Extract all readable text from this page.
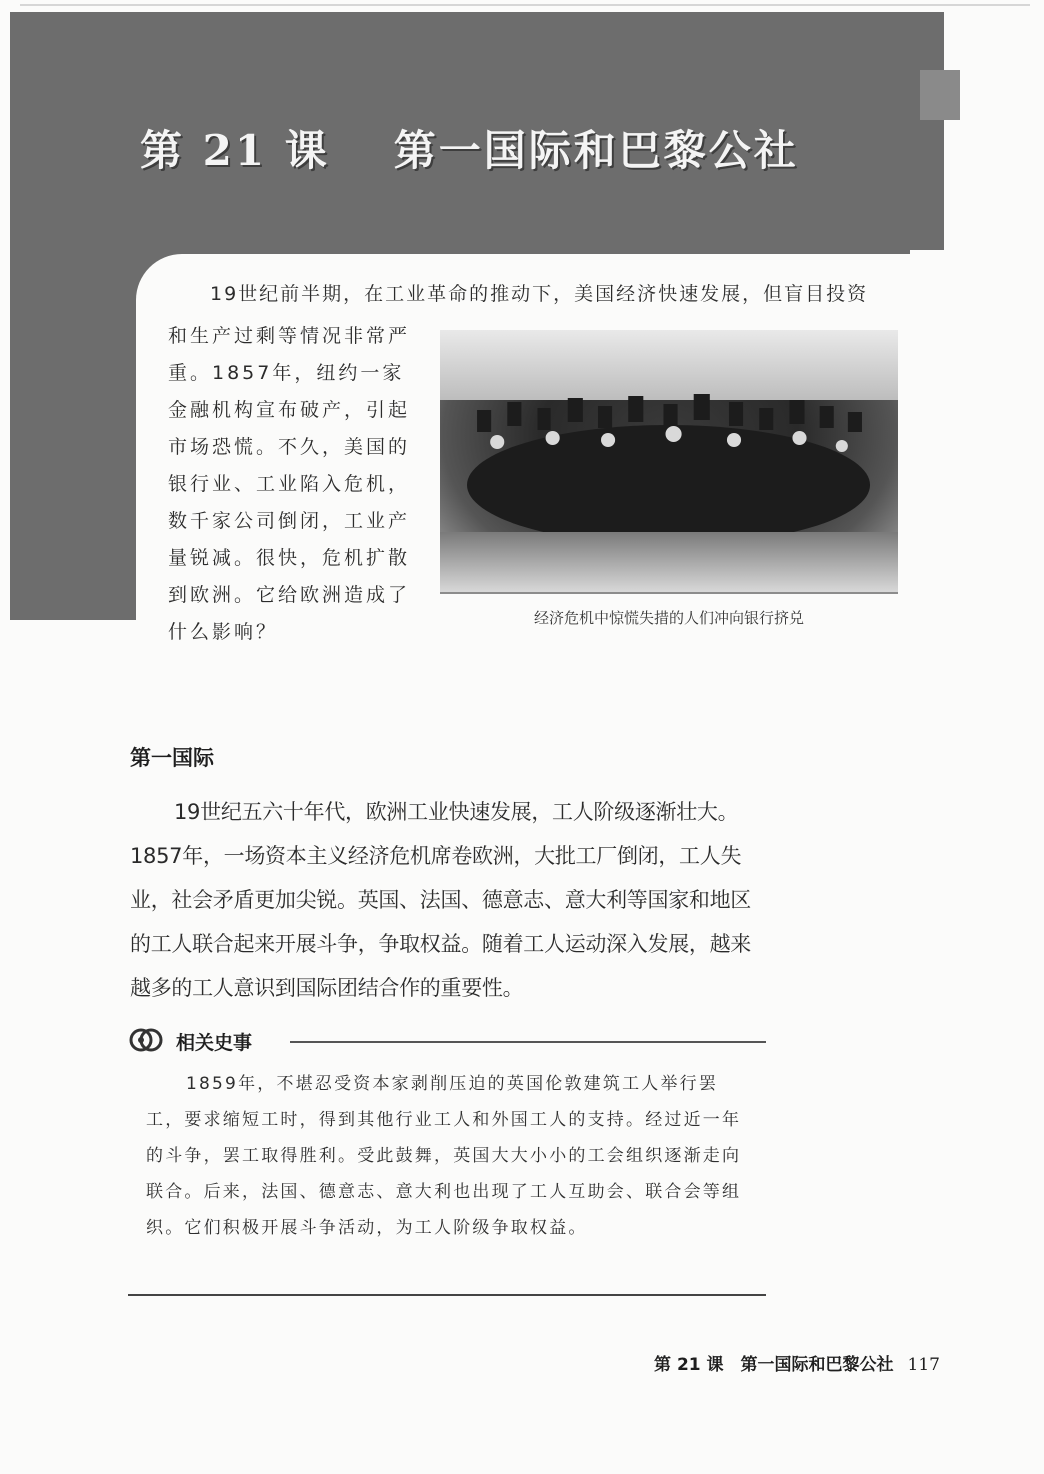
第 21 课 第一国际和巴黎公社

19世纪前半期，在工业革命的推动下，美国经济快速发展，但盲目投资

和生产过剩等情况非常严重。1857年，纽约一家金融机构宣布破产，引起市场恐慌。不久，美国的银行业、工业陷入危机，数千家公司倒闭，工业产量锐减。很快，危机扩散到欧洲。它给欧洲造成了什么影响？

经济危机中惊慌失措的人们冲向银行挤兑

第一国际

19世纪五六十年代，欧洲工业快速发展，工人阶级逐渐壮大。1857年，一场资本主义经济危机席卷欧洲，大批工厂倒闭，工人失业，社会矛盾更加尖锐。英国、法国、德意志、意大利等国家和地区的工人联合起来开展斗争，争取权益。随着工人运动深入发展，越来越多的工人意识到国际团结合作的重要性。

相关史事

1859年，不堪忍受资本家剥削压迫的英国伦敦建筑工人举行罢工，要求缩短工时，得到其他行业工人和外国工人的支持。经过近一年的斗争，罢工取得胜利。受此鼓舞，英国大大小小的工会组织逐渐走向联合。后来，法国、德意志、意大利也出现了工人互助会、联合会等组织。它们积极开展斗争活动，为工人阶级争取权益。

第 21 课　第一国际和巴黎公社 117
